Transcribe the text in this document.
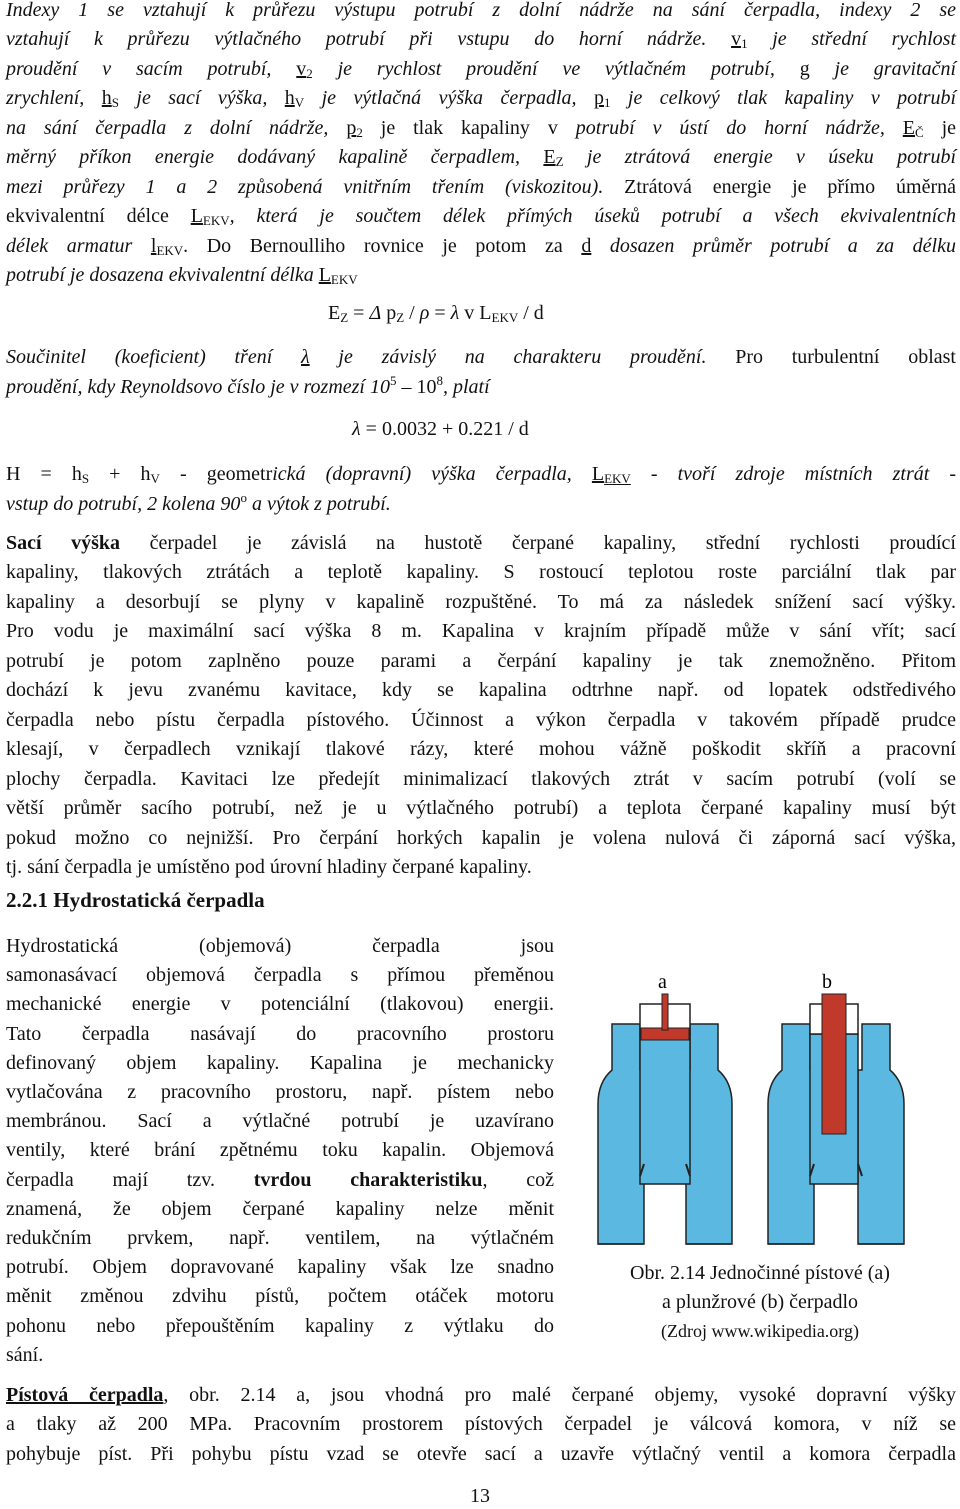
Indexy 1 se vztahují k průřezu výstupu potrubí z dolní nádrže na sání čerpadla, indexy 2 se
vztahují k průřezu výtlačného potrubí při vstupu do horní nádrže. $v_1$ je střední rychlost
proudění v sacím potrubí, $v_2$ je rychlost proudění ve výtlačném potrubí, g je gravitační
zrychlení, $h_S$ je sací výška, $h_V$ je výtlačná výška čerpadla, $p_1$ je celkový tlak kapaliny v potrubí
na sání čerpadla z dolní nádrže, $p_2$ je tlak kapaliny v potrubí v ústí do horní nádrže, $E_Č$ je
měrný příkon energie dodávaný kapalině čerpadlem, $E_Z$ je ztrátová energie v úseku potrubí
mezi průřezy 1 a 2 způsobená vnitřním třením (viskozitou). Ztrátová energie je přímo úměrná
ekvivalentní délce $L_{EKV}$, která je součtem délek přímých úseků potrubí a všech ekvivalentních
délek armatur $l_{EKV}$. Do Bernoulliho rovnice je potom za d dosazen průměr potrubí a za délku
potrubí je dosazena ekvivalentní délka $L_{EKV}$
$E_Z = \Delta$ $p_Z / \rho = \lambda$ v $L_{EKV}$ / d
Součinitel (koeficient) tření λ je závislý na charakteru proudění. Pro turbulentní oblast
proudění, kdy Reynoldsovo číslo je v rozmezí $10^5 - 10^8$, platí
λ = 0.0032 + 0.221 / d
$H = h_S + h_V$ - geometrická (dopravní) výška čerpadla, $L_{EKV}$ - tvoří zdroje místních ztrát -
vstup do potrubí, 2 kolena 90$^o$ a výtok z potrubí.
Sací výška čerpadel je závislá na hustotě čerpané kapaliny, střední rychlosti proudící
kapaliny, tlakových ztrátách a teplotě kapaliny. S rostoucí teplotou roste parciální tlak par
kapaliny a desorbují se plyny v kapalině rozpuštěné. To má za následek snížení sací výšky.
Pro vodu je maximální sací výška 8 m. Kapalina v krajním případě může v sání vřít; sací
potrubí je potom zaplněno pouze parami a čerpání kapaliny je tak znemožněno. Přitom
dochází k jevu zvanému kavitace, kdy se kapalina odtrhne např. od lopatek odstředivého
čerpadla nebo pístu čerpadla pístového. Účinnost a výkon čerpadla v takovém případě prudce
klesají, v čerpadlech vznikají tlakové rázy, které mohou vážně poškodit skříň a pracovní
plochy čerpadla. Kavitaci lze předejít minimalizací tlakových ztrát v sacím potrubí (volí se
větší průměr sacího potrubí, než je u výtlačného potrubí) a teplota čerpané kapaliny musí být
pokud možno co nejnižší. Pro čerpání horkých kapalin je volena nulová či záporná sací výška,
tj. sání čerpadla je umístěno pod úrovní hladiny čerpané kapaliny.
2.2.1 Hydrostatická čerpadla
Hydrostatická (objemová) čerpadla jsou
samonasávací objemová čerpadla s přímou přeměnou
mechanické energie v potenciální (tlakovou) energii.
Tato čerpadla nasávají do pracovního prostoru
definovaný objem kapaliny. Kapalina je mechanicky
vytlačována z pracovního prostoru, např. pístem nebo
membránou. Sací a výtlačné potrubí je uzavírano
ventily, které brání zpětnému toku kapalin. Objemová
čerpadla mají tzv. tvrdou charakteristiku, což
znamená, že objem čerpané kapaliny nelze měnit
redukčním prvkem, např. ventilem, na výtlačném
potrubí. Objem dopravované kapaliny však lze snadno
měnit změnou zdvihu pístů, počtem otáček motoru
pohonu nebo přepouštěním kapaliny z výtlaku do
sání.
a	b
Obr. 2.14 Jednočinné pístové (a)
a plunžrové (b) čerpadlo
(Zdroj www.wikipedia.org)
Pístová čerpadla, obr. 2.14 a, jsou vhodná pro malé čerpané objemy, vysoké dopravní výšky
a tlaky až 200 MPa. Pracovním prostorem pístových čerpadel je válcová komora, v níž se
pohybuje píst. Při pohybu pístu vzad se otevře sací a uzavře výtlačný ventil a komora čerpadla
13
